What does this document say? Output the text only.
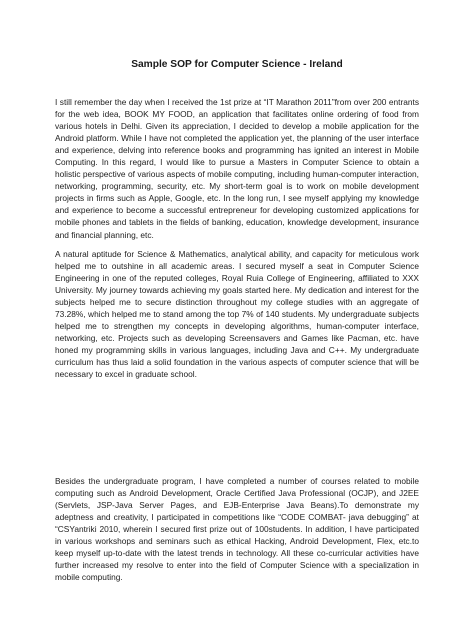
Sample SOP for Computer Science - Ireland

I still remember the day when I received the 1st prize at “IT Marathon 2011”from over 200 entrants for the web idea, BOOK MY FOOD, an application that facilitates online ordering of food from various hotels in Delhi. Given its appreciation, I decided to develop a mobile application for the Android platform. While I have not completed the application yet, the planning of the user interface and experience, delving into reference books and programming has ignited an interest in Mobile Computing. In this regard, I would like to pursue a Masters in Computer Science to obtain a holistic perspective of various aspects of mobile computing, including human-computer interaction, networking, programming, security, etc. My short-term goal is to work on mobile development projects in firms such as Apple, Google, etc. In the long run, I see myself applying my knowledge and experience to become a successful entrepreneur for developing customized applications for mobile phones and tablets in the fields of banking, education, knowledge development, insurance and financial planning, etc.

A natural aptitude for Science & Mathematics, analytical ability, and capacity for meticulous work helped me to outshine in all academic areas. I secured myself a seat in Computer Science Engineering in one of the reputed colleges, Royal Ruia College of Engineering, affiliated to XXX University. My journey towards achieving my goals started here. My dedication and interest for the subjects helped me to secure distinction throughout my college studies with an aggregate of 73.28%, which helped me to stand among the top 7% of 140 students. My undergraduate subjects helped me to strengthen my concepts in developing algorithms, human-computer interface, networking, etc. Projects such as developing Screensavers and Games like Pacman, etc. have honed my programming skills in various languages, including Java and C++. My undergraduate curriculum has thus laid a solid foundation in the various aspects of computer science that will be necessary to excel in graduate school.

Besides the undergraduate program, I have completed a number of courses related to mobile computing such as Android Development, Oracle Certified Java Professional (OCJP), and J2EE (Servlets, JSP-Java Server Pages, and EJB-Enterprise Java Beans).To demonstrate my adeptness and creativity, I participated in competitions like “CODE COMBAT- java debugging” at “CSYantriki 2010, wherein I secured first prize out of 100students. In addition, I have participated in various workshops and seminars such as ethical Hacking, Android Development, Flex, etc.to keep myself up-to-date with the latest trends in technology. All these co-curricular activities have further increased my resolve to enter into the field of Computer Science with a specialization in mobile computing.
